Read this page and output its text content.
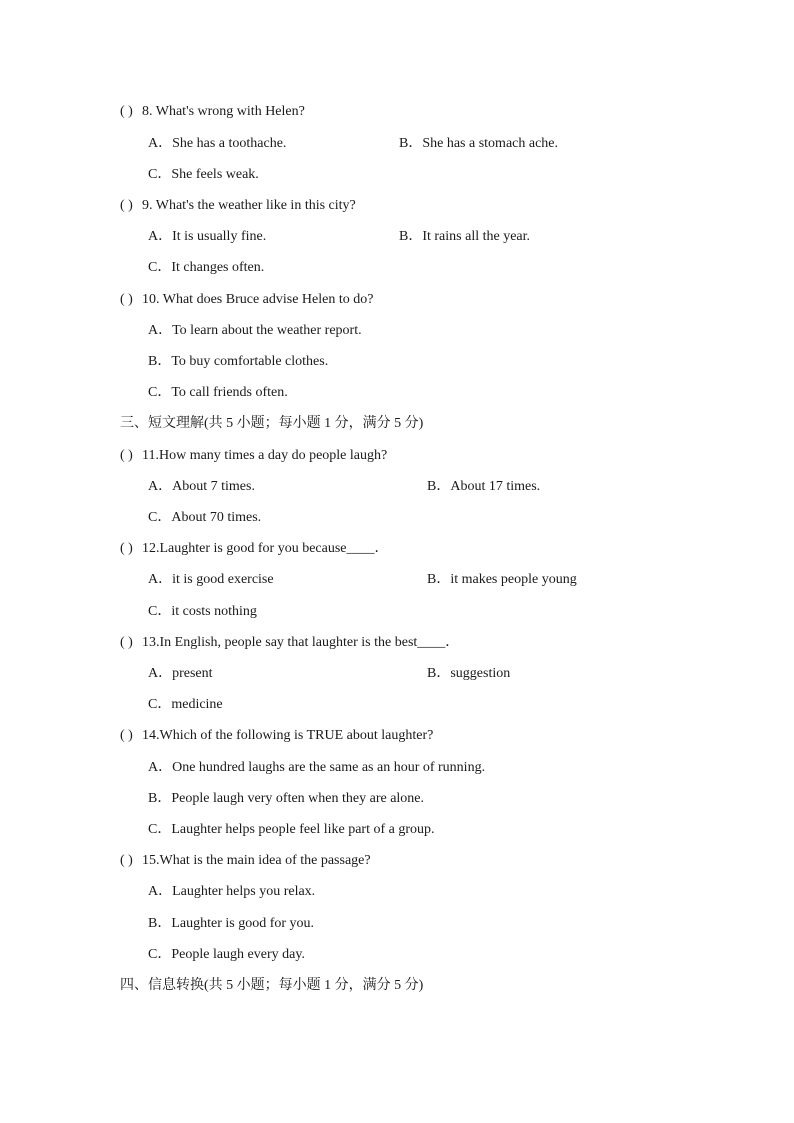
( ) 8. What's wrong with Helen?
A．She has a toothache.	B．She has a stomach ache.
C．She feels weak.
( ) 9. What's the weather like in this city?
A．It is usually fine.	B．It rains all the year.
C．It changes often.
( ) 10. What does Bruce advise Helen to do?
A．To learn about the weather report.
B．To buy comfortable clothes.
C．To call friends often.
三、短文理解(共 5 小题；每小题 1 分，满分 5 分)
( ) 11.How many times a day do people laugh?
A．About 7 times.	B．About 17 times.
C．About 70 times.
( ) 12.Laughter is good for you because____．
A．it is good exercise	B．it makes people young
C．it costs nothing
( ) 13.In English, people say that laughter is the best____．
A．present	B．suggestion
C．medicine
( ) 14.Which of the following is TRUE about laughter?
A．One hundred laughs are the same as an hour of running.
B．People laugh very often when they are alone.
C．Laughter helps people feel like part of a group.
( ) 15.What is the main idea of the passage?
A．Laughter helps you relax.
B．Laughter is good for you.
C．People laugh every day.
四、信息转换(共 5 小题；每小题 1 分，满分 5 分)
